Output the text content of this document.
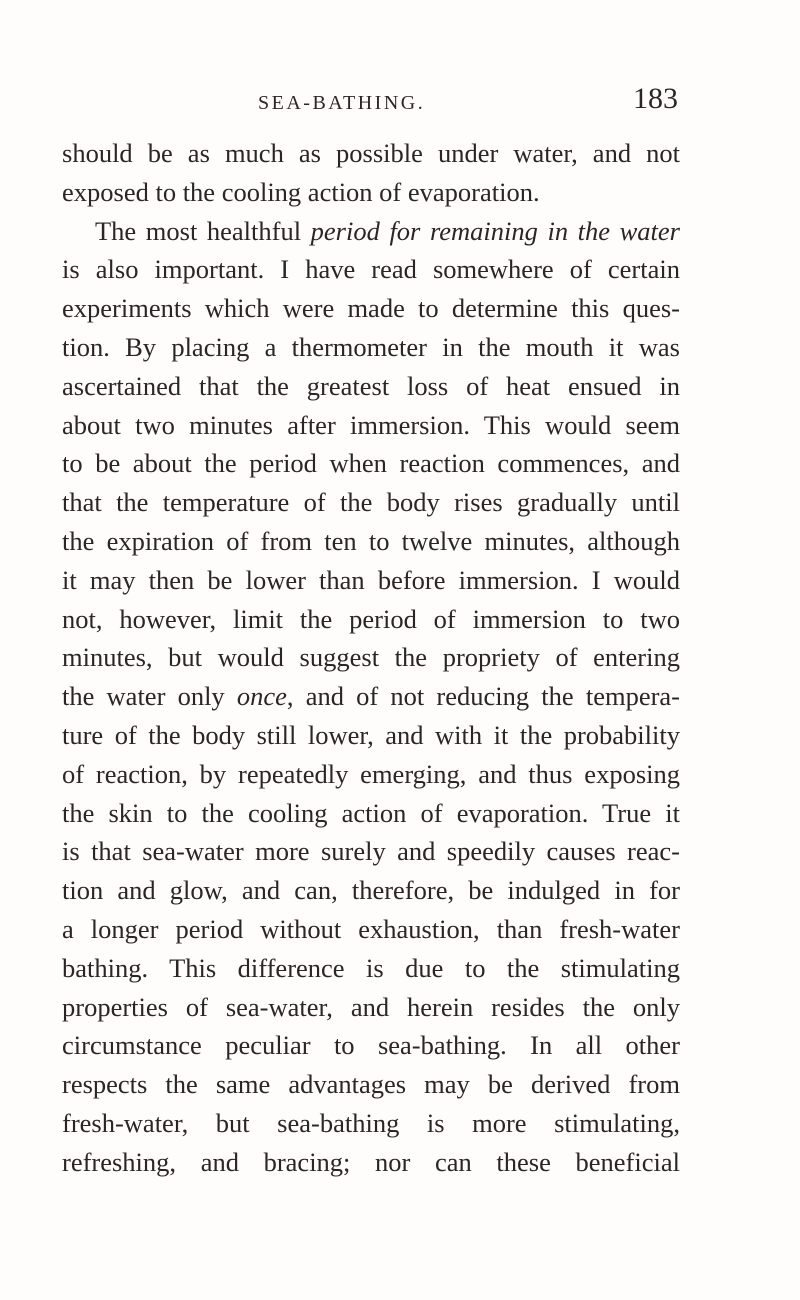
SEA-BATHING.	183
should be as much as possible under water, and not
exposed to the cooling action of evaporation.
The most healthful period for remaining in the water
is also important. I have read somewhere of certain
experiments which were made to determine this ques-
tion. By placing a thermometer in the mouth it was
ascertained that the greatest loss of heat ensued in
about two minutes after immersion. This would seem
to be about the period when reaction commences, and
that the temperature of the body rises gradually until
the expiration of from ten to twelve minutes, although
it may then be lower than before immersion. I would
not, however, limit the period of immersion to two
minutes, but would suggest the propriety of entering
the water only once, and of not reducing the tempera-
ture of the body still lower, and with it the probability
of reaction, by repeatedly emerging, and thus exposing
the skin to the cooling action of evaporation. True it
is that sea-water more surely and speedily causes reac-
tion and glow, and can, therefore, be indulged in for
a longer period without exhaustion, than fresh-water
bathing. This difference is due to the stimulating
properties of sea-water, and herein resides the only
circumstance peculiar to sea-bathing. In all other
respects the same advantages may be derived from
fresh-water, but sea-bathing is more stimulating,
refreshing, and bracing; nor can these beneficial
